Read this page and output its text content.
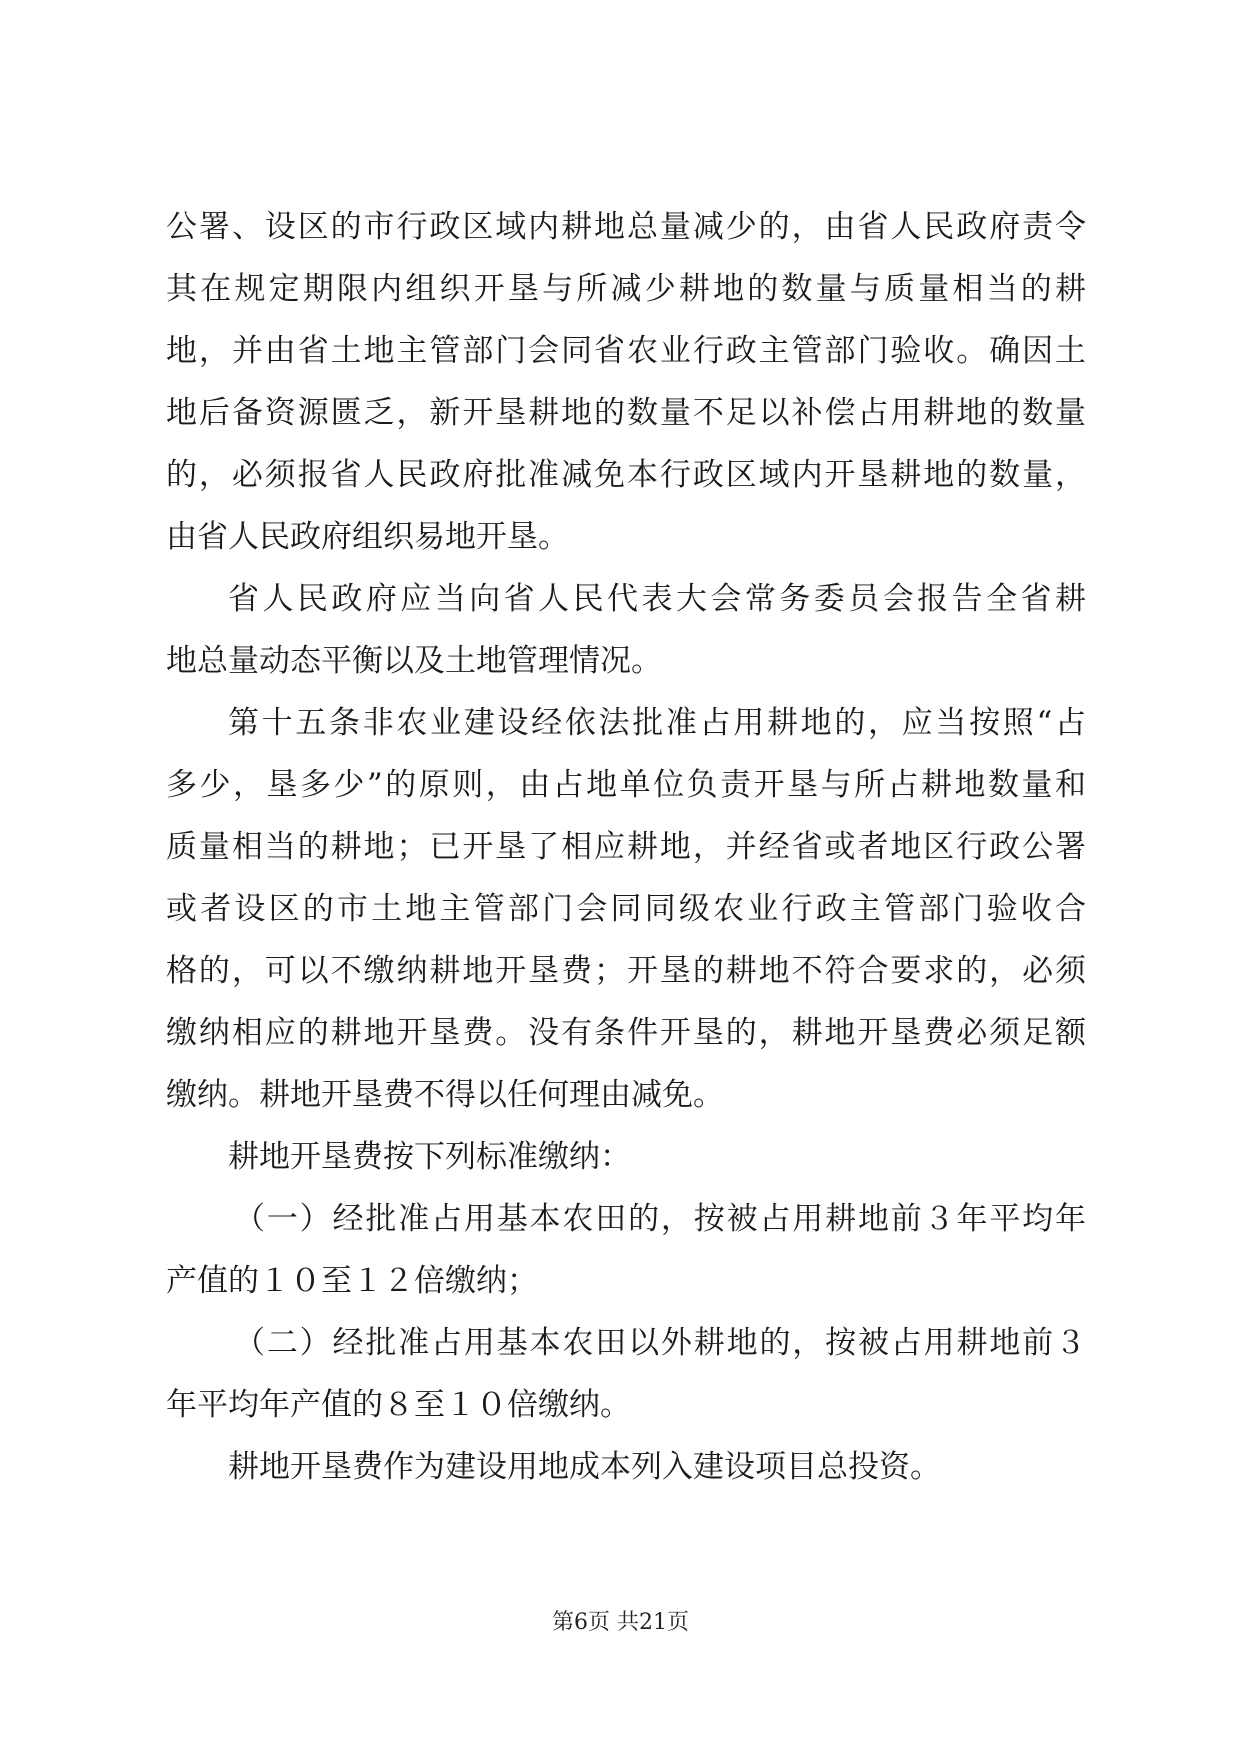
公署、设区的市行政区域内耕地总量减少的，由省人民政府责令
其在规定期限内组织开垦与所减少耕地的数量与质量相当的耕
地，并由省土地主管部门会同省农业行政主管部门验收。确因土
地后备资源匮乏，新开垦耕地的数量不足以补偿占用耕地的数量
的，必须报省人民政府批准减免本行政区域内开垦耕地的数量，
由省人民政府组织易地开垦。
省人民政府应当向省人民代表大会常务委员会报告全省耕
地总量动态平衡以及土地管理情况。
第十五条非农业建设经依法批准占用耕地的，应当按照“占
多少，垦多少”的原则，由占地单位负责开垦与所占耕地数量和
质量相当的耕地；已开垦了相应耕地，并经省或者地区行政公署
或者设区的市土地主管部门会同同级农业行政主管部门验收合
格的，可以不缴纳耕地开垦费；开垦的耕地不符合要求的，必须
缴纳相应的耕地开垦费。没有条件开垦的，耕地开垦费必须足额
缴纳。耕地开垦费不得以任何理由减免。
耕地开垦费按下列标准缴纳：
（一）经批准占用基本农田的，按被占用耕地前３年平均年
产值的１０至１２倍缴纳；
（二）经批准占用基本农田以外耕地的，按被占用耕地前３
年平均年产值的８至１０倍缴纳。
耕地开垦费作为建设用地成本列入建设项目总投资。
第6页 共21页
